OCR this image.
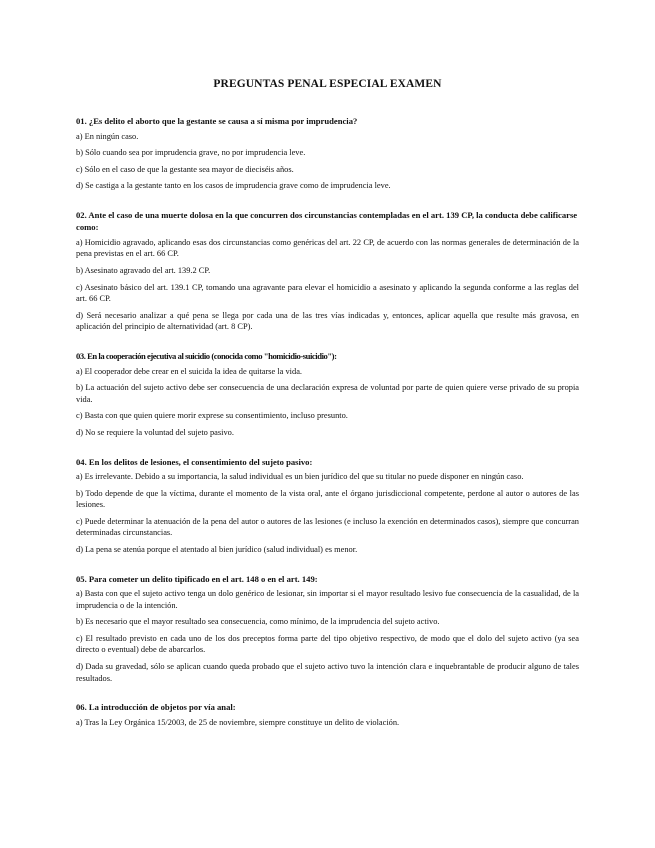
PREGUNTAS PENAL ESPECIAL EXAMEN

01. ¿Es delito el aborto que la gestante se causa a sí misma por imprudencia?

a) En ningún caso.

b) Sólo cuando sea por imprudencia grave, no por imprudencia leve.

c) Sólo en el caso de que la gestante sea mayor de dieciséis años.

d) Se castiga a la gestante tanto en los casos de imprudencia grave como de imprudencia leve.

02. Ante el caso de una muerte dolosa en la que concurren dos circunstancias contempladas en el art. 139 CP, la conducta debe calificarse como:

a) Homicidio agravado, aplicando esas dos circunstancias como genéricas del art. 22 CP, de acuerdo con las normas generales de determinación de la pena previstas en el art. 66 CP.

b) Asesinato agravado del art. 139.2 CP.

c) Asesinato básico del art. 139.1 CP, tomando una agravante para elevar el homicidio a asesinato y aplicando la segunda conforme a las reglas del art. 66 CP.

d) Será necesario analizar a qué pena se llega por cada una de las tres vías indicadas y, entonces, aplicar aquella que resulte más gravosa, en aplicación del principio de alternatividad (art. 8 CP).

03. En la cooperación ejecutiva al suicidio (conocida como "homicidio-suicidio"):

a) El cooperador debe crear en el suicida la idea de quitarse la vida.

b) La actuación del sujeto activo debe ser consecuencia de una declaración expresa de voluntad por parte de quien quiere verse privado de su propia vida.

c) Basta con que quien quiere morir exprese su consentimiento, incluso presunto.

d) No se requiere la voluntad del sujeto pasivo.

04. En los delitos de lesiones, el consentimiento del sujeto pasivo:

a) Es irrelevante. Debido a su importancia, la salud individual es un bien jurídico del que su titular no puede disponer en ningún caso.

b) Todo depende de que la víctima, durante el momento de la vista oral, ante el órgano jurisdiccional competente, perdone al autor o autores de las lesiones.

c) Puede determinar la atenuación de la pena del autor o autores de las lesiones (e incluso la exención en determinados casos), siempre que concurran determinadas circunstancias.

d) La pena se atenúa porque el atentado al bien jurídico (salud individual) es menor.

05. Para cometer un delito tipificado en el art. 148 o en el art. 149:

a) Basta con que el sujeto activo tenga un dolo genérico de lesionar, sin importar si el mayor resultado lesivo fue consecuencia de la casualidad, de la imprudencia o de la intención.

b) Es necesario que el mayor resultado sea consecuencia, como mínimo, de la imprudencia del sujeto activo.

c) El resultado previsto en cada uno de los dos preceptos forma parte del tipo objetivo respectivo, de modo que el dolo del sujeto activo (ya sea directo o eventual) debe de abarcarlos.

d) Dada su gravedad, sólo se aplican cuando queda probado que el sujeto activo tuvo la intención clara e inquebrantable de producir alguno de tales resultados.

06. La introducción de objetos por vía anal:

a) Tras la Ley Orgánica 15/2003, de 25 de noviembre, siempre constituye un delito de violación.
